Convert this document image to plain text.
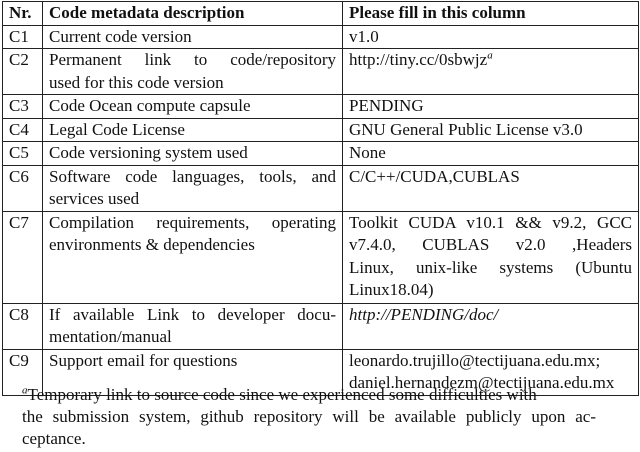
Nr.	Code metadata description	Please fill in this column
C1	Current code version	v1.0

C2	Permanent link to code/repository
used for this code version	http://tiny.cc/0sbwjz$^a$
C3	Code Ocean compute capsule	PENDING

C4	Legal Code License	GNU General Public License v3.0

C5	Code versioning system used	None

C6	Software code languages, tools, and
services used	C/C++/CUDA,CUBLAS

C7	Compilation requirements, operating
environments & dependencies	Toolkit CUDA v10.1 && v9.2, GCC
v7.4.0, CUBLAS v2.0 ,Headers
Linux, unix-like systems (Ubuntu
Linux18.04)

C8	If available Link to developer docu-
mentation/manual	http://PENDING/doc/

C9	Support email for questions	leonardo.trujillo@tectijuana.edu.mx;
daniel.hernandezm@tectijuana.edu.mx
$^a$Temporary link to source code since we experienced some difficulties with
the submission system, github repository will be available publicly upon ac-
ceptance.
